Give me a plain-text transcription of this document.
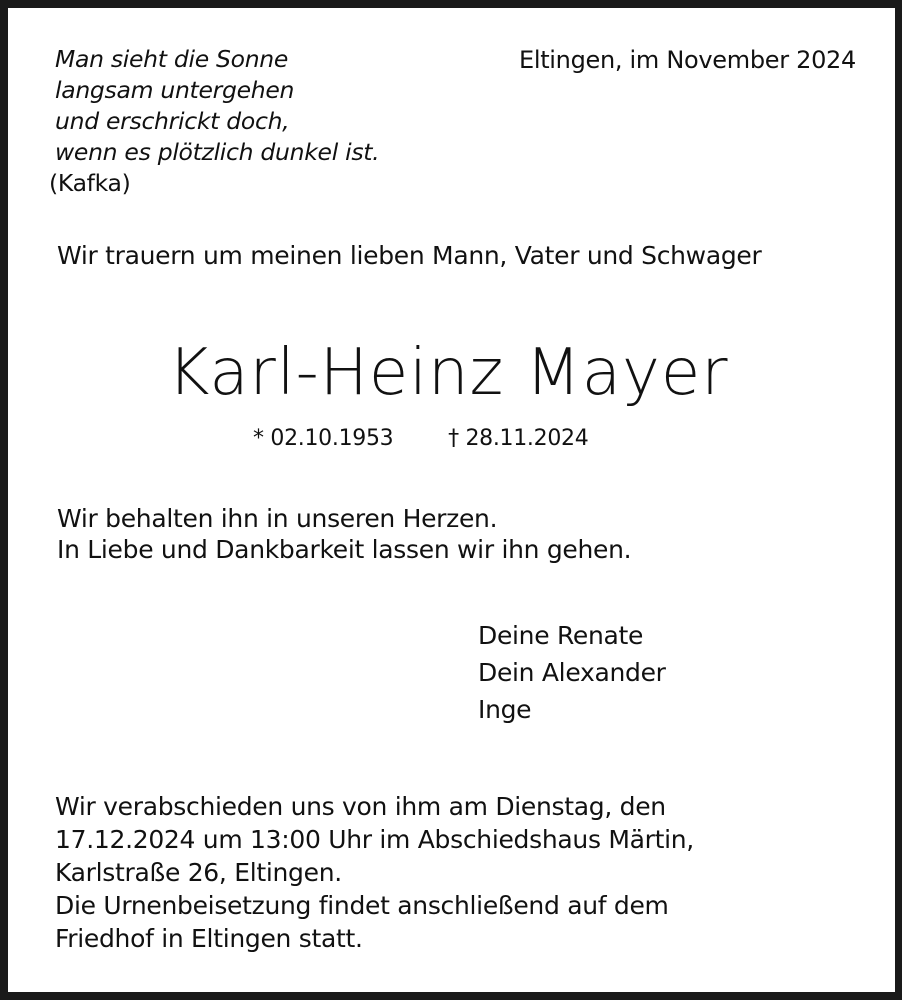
Man sieht die Sonne
langsam untergehen
und erschrickt doch,
wenn es plötzlich dunkel ist.
(Kafka)
Eltingen, im November 2024
Wir trauern um meinen lieben Mann, Vater und Schwager
Karl-Heinz Mayer
* 02.10.1953 † 28.11.2024
Wir behalten ihn in unseren Herzen.
In Liebe und Dankbarkeit lassen wir ihn gehen.
Deine Renate
Dein Alexander
Inge
Wir verabschieden uns von ihm am Dienstag, den
17.12.2024 um 13:00 Uhr im Abschiedshaus Märtin,
Karlstraße 26, Eltingen.
Die Urnenbeisetzung findet anschließend auf dem
Friedhof in Eltingen statt.
